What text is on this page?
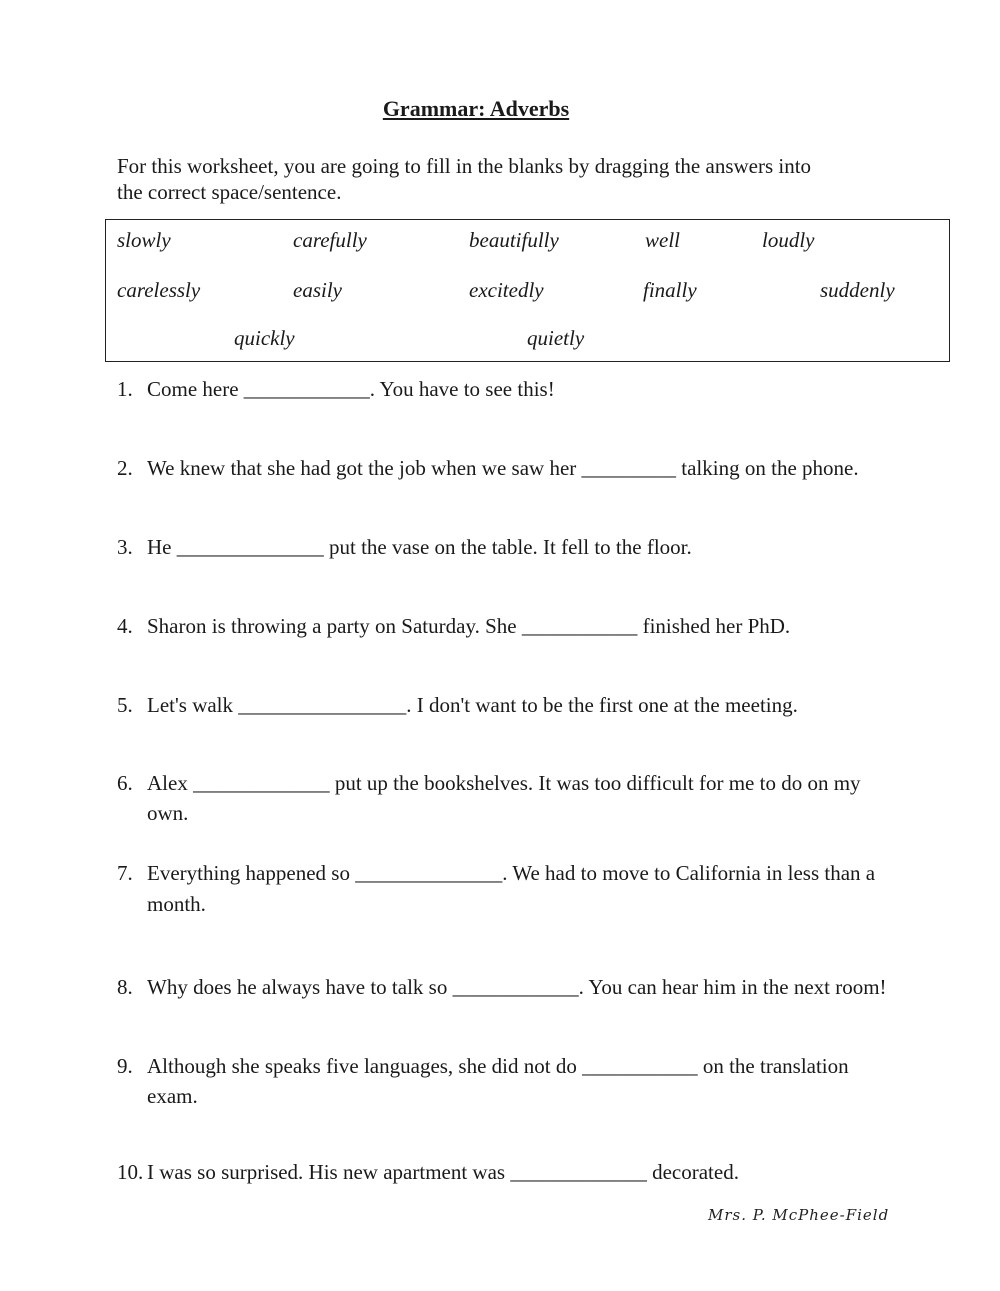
Grammar: Adverbs
For this worksheet, you are going to fill in the blanks by dragging the answers into
the correct space/sentence.
slowly	carefully	beautifully	well	loudly
carelessly	easily	excitedly	finally	suddenly
quickly	quietly
1. Come here ____________. You have to see this!
2. We knew that she had got the job when we saw her _________ talking on the phone.
3. He ______________ put the vase on the table. It fell to the floor.
4. Sharon is throwing a party on Saturday. She ___________ finished her PhD.
5. Let's walk ________________. I don't want to be the first one at the meeting.
6. Alex _____________ put up the bookshelves. It was too difficult for me to do on my
own.
7. Everything happened so ______________. We had to move to California in less than a
month.
8. Why does he always have to talk so ____________. You can hear him in the next room!
9. Although she speaks five languages, she did not do ___________ on the translation
exam.
10. I was so surprised. His new apartment was _____________ decorated.
Mrs. P. McPhee-Field
